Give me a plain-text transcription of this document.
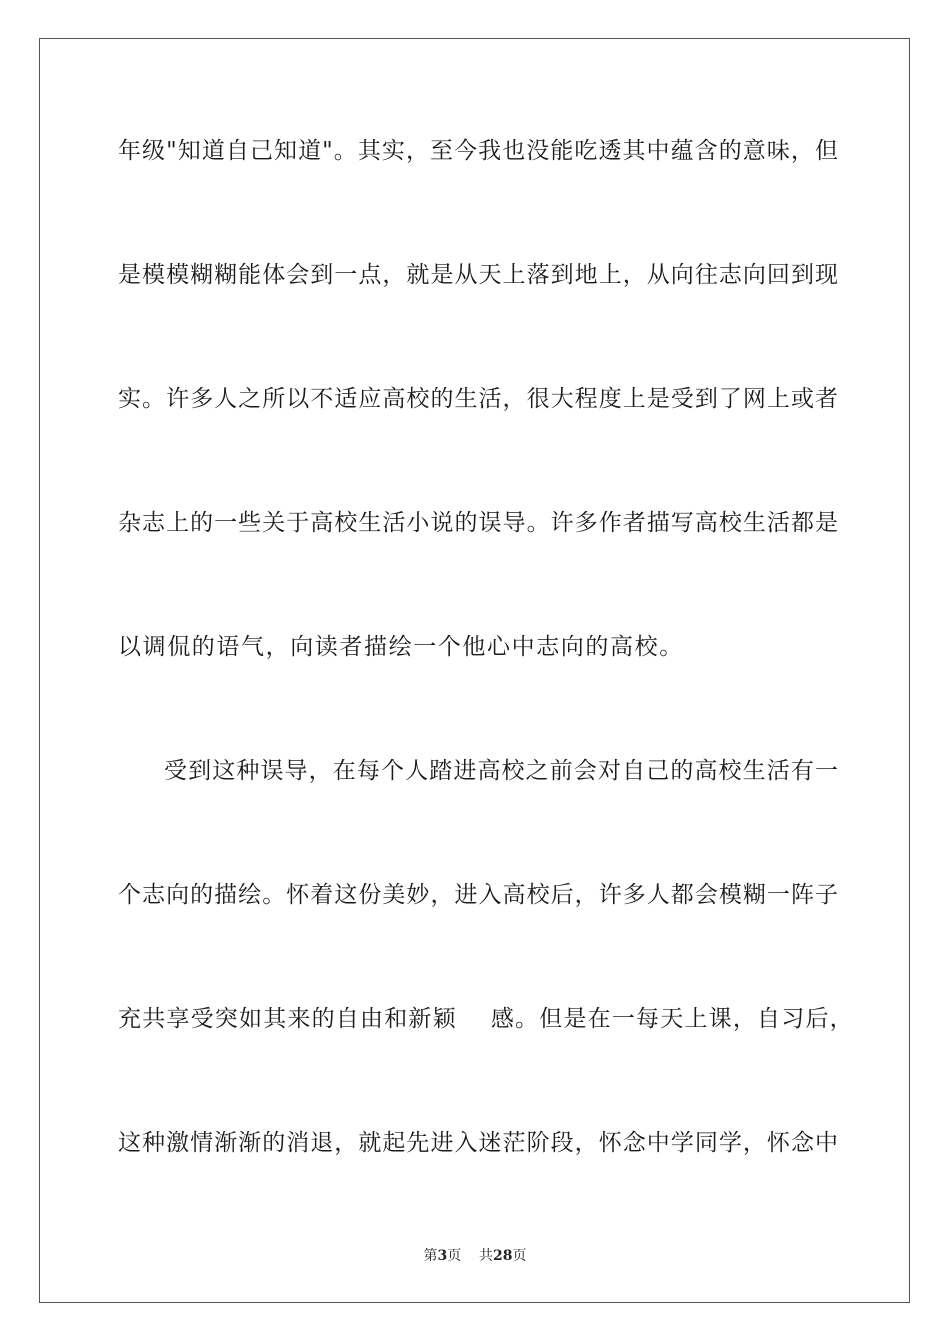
年级"知道自己知道"。其实，至今我也没能吃透其中蕴含的意味，但
是模模糊糊能体会到一点，就是从天上落到地上，从向往志向回到现
实。许多人之所以不适应高校的生活，很大程度上是受到了网上或者
杂志上的一些关于高校生活小说的误导。许多作者描写高校生活都是
以调侃的语气，向读者描绘一个他心中志向的高校。
受到这种误导，在每个人踏进高校之前会对自己的高校生活有一
个志向的描绘。怀着这份美妙，进入高校后，许多人都会模糊一阵子
充共享受突如其来的自由和新颖    感。但是在一每天上课，自习后，
这种激情渐渐的消退，就起先进入迷茫阶段，怀念中学同学，怀念中
第3页 共28页
